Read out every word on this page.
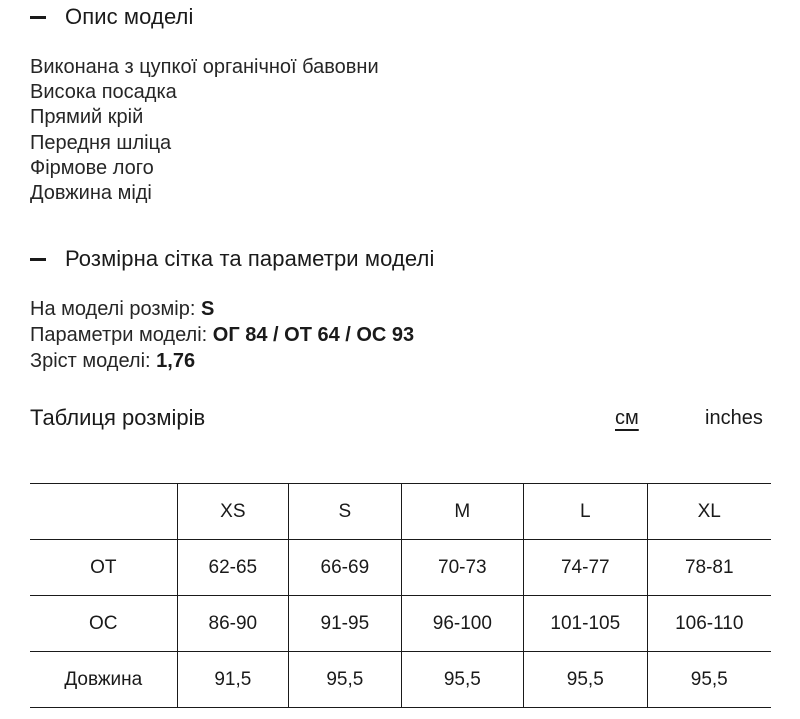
Опис моделі
Виконана з цупкої органічної бавовни
Висока посадка
Прямий крій
Передня шліца
Фірмове лого
Довжина міді
Розмірна сітка та параметри моделі
На моделі розмір: S
Параметри моделі: ОГ 84 / ОТ 64 / ОС 93
Зріст моделі: 1,76
Таблиця розмірів	см	inches
	XS	S	M	L	XL
ОТ	62-65	66-69	70-73	74-77	78-81
ОС	86-90	91-95	96-100	101-105	106-110
Довжина	91,5	95,5	95,5	95,5	95,5
